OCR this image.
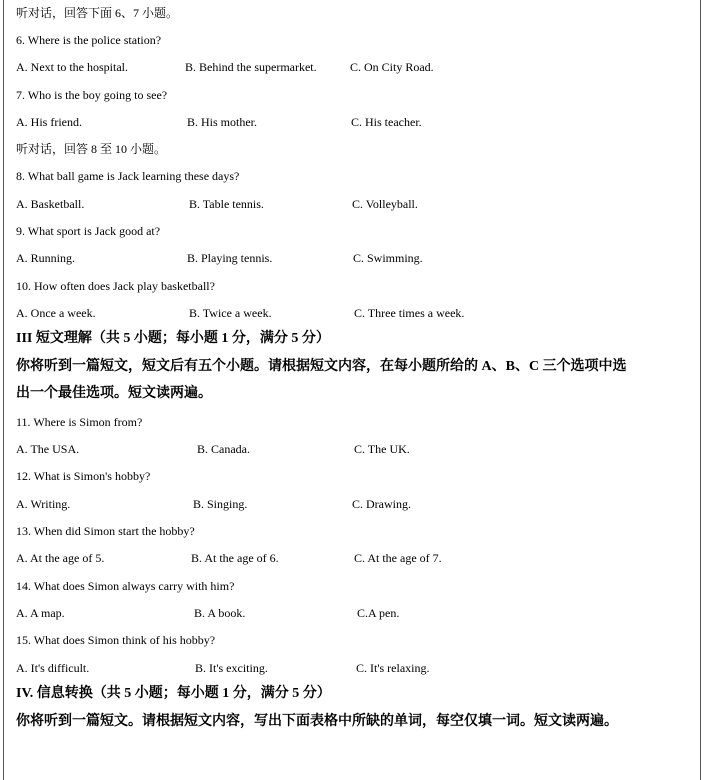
听对话，回答下面 6、7 小题。
6. Where is the police station?
A. Next to the hospital.	B. Behind the supermarket.	C. On City Road.
7. Who is the boy going to see?
A. His friend.	B. His mother.	C. His teacher.
听对话，回答 8 至 10 小题。
8. What ball game is Jack learning these days?
A. Basketball.	B. Table tennis.	C. Volleyball.
9. What sport is Jack good at?
A. Running.	B. Playing tennis.	C. Swimming.
10. How often does Jack play basketball?
A. Once a week.	B. Twice a week.	C. Three times a week.
III 短文理解（共 5 小题；每小题 1 分，满分 5 分）
你将听到一篇短文，短文后有五个小题。请根据短文内容，在每小题所给的 A、B、C 三个选项中选
出一个最佳选项。短文读两遍。
11. Where is Simon from?
A. The USA.	B. Canada.	C. The UK.
12. What is Simon's hobby?
A. Writing.	B. Singing.	C. Drawing.
13. When did Simon start the hobby?
A. At the age of 5.	B. At the age of 6.	C. At the age of 7.
14. What does Simon always carry with him?
A. A map.	B. A book.	C.A pen.
15. What does Simon think of his hobby?
A. It's difficult.	B. It's exciting.	C. It's relaxing.
IV. 信息转换（共 5 小题；每小题 1 分，满分 5 分）
你将听到一篇短文。请根据短文内容，写出下面表格中所缺的单词，每空仅填一词。短文读两遍。
